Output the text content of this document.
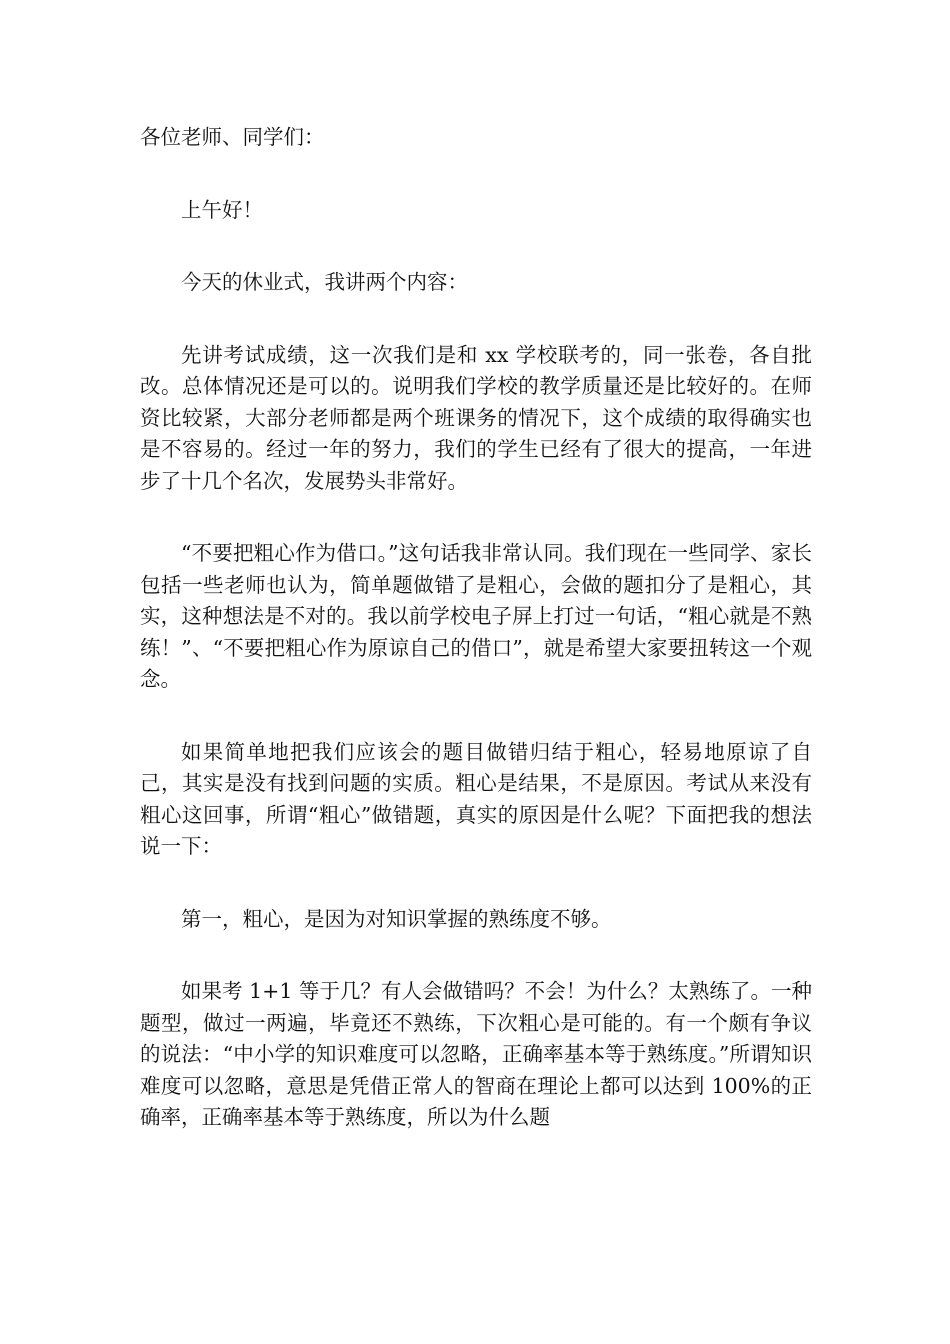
各位老师、同学们：

上午好！

今天的休业式，我讲两个内容：

先讲考试成绩，这一次我们是和 xx 学校联考的，同一张卷，各自批改。总体情况还是可以的。说明我们学校的教学质量还是比较好的。在师资比较紧，大部分老师都是两个班课务的情况下，这个成绩的取得确实也是不容易的。经过一年的努力，我们的学生已经有了很大的提高，一年进步了十几个名次，发展势头非常好。

“不要把粗心作为借口。”这句话我非常认同。我们现在一些同学、家长包括一些老师也认为，简单题做错了是粗心，会做的题扣分了是粗心，其实，这种想法是不对的。我以前学校电子屏上打过一句话，“粗心就是不熟练！”、“不要把粗心作为原谅自己的借口”，就是希望大家要扭转这一个观念。

如果简单地把我们应该会的题目做错归结于粗心，轻易地原谅了自己，其实是没有找到问题的实质。粗心是结果，不是原因。考试从来没有粗心这回事，所谓“粗心”做错题，真实的原因是什么呢？下面把我的想法说一下：

第一，粗心，是因为对知识掌握的熟练度不够。

如果考 1+1 等于几？有人会做错吗？不会！为什么？太熟练了。一种题型，做过一两遍，毕竟还不熟练，下次粗心是可能的。有一个颇有争议的说法：“中小学的知识难度可以忽略，正确率基本等于熟练度。”所谓知识难度可以忽略，意思是凭借正常人的智商在理论上都可以达到 100%的正确率，正确率基本等于熟练度，所以为什么题
